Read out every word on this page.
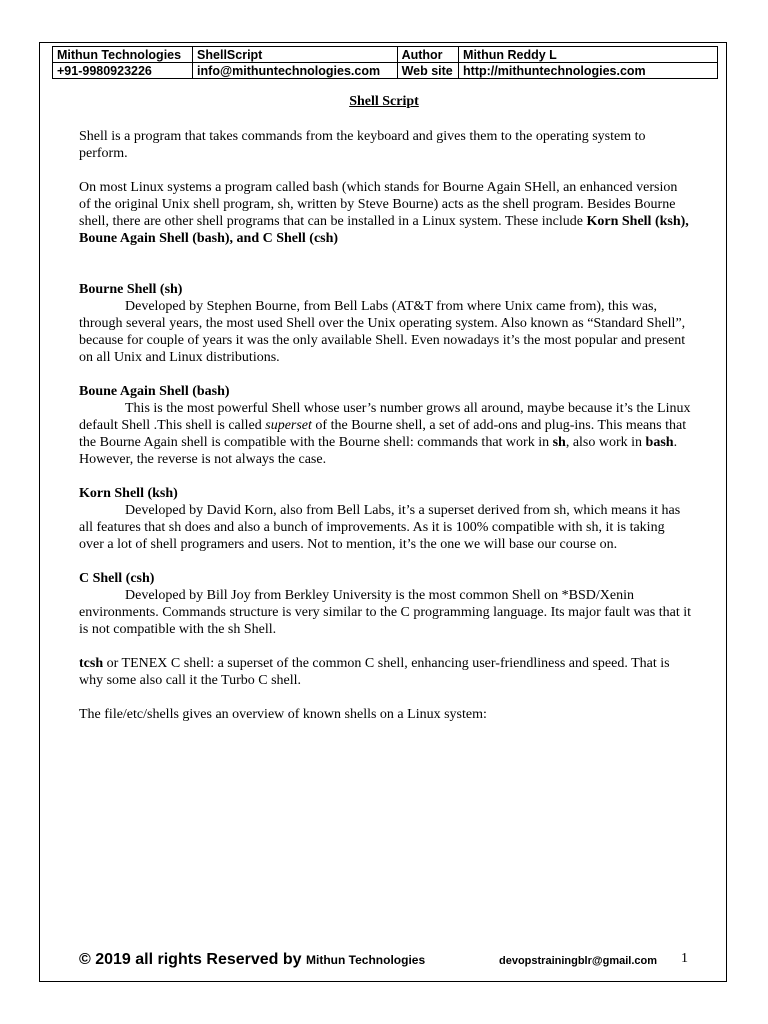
Mithun Technologies	ShellScript	Author	Mithun Reddy L
+91-9980923226	info@mithuntechnologies.com	Web site	http://mithuntechnologies.com
Shell Script

Shell is a program that takes commands from the keyboard and gives them to the operating system to perform.

On most Linux systems a program called bash (which stands for Bourne Again SHell, an enhanced version of the original Unix shell program, sh, written by Steve Bourne) acts as the shell program. Besides Bourne shell, there are other shell programs that can be installed in a Linux system. These include Korn Shell (ksh), Boune Again Shell (bash), and C Shell (csh)

Bourne Shell (sh)

Developed by Stephen Bourne, from Bell Labs (AT&T from where Unix came from), this was, through several years, the most used Shell over the Unix operating system. Also known as “Standard Shell”, because for couple of years it was the only available Shell. Even nowadays it’s the most popular and present on all Unix and Linux distributions.

Boune Again Shell (bash)

This is the most powerful Shell whose user’s number grows all around, maybe because it’s the Linux default Shell .This shell is called superset of the Bourne shell, a set of add-ons and plug-ins. This means that the Bourne Again shell is compatible with the Bourne shell: commands that work in sh, also work in bash. However, the reverse is not always the case.

Korn Shell (ksh)

Developed by David Korn, also from Bell Labs, it’s a superset derived from sh, which means it has all features that sh does and also a bunch of improvements. As it is 100% compatible with sh, it is taking over a lot of shell programers and users. Not to mention, it’s the one we will base our course on.

C Shell (csh)

Developed by Bill Joy from Berkley University is the most common Shell on *BSD/Xenin environments. Commands structure is very similar to the C programming language. Its major fault was that it is not compatible with the sh Shell.

tcsh or TENEX C shell: a superset of the common C shell, enhancing user-friendliness and speed. That is why some also call it the Turbo C shell.

The file/etc/shells gives an overview of known shells on a Linux system:

© 2019 all rights Reserved by Mithun Technologies	devopstrainingblr@gmail.com 1
